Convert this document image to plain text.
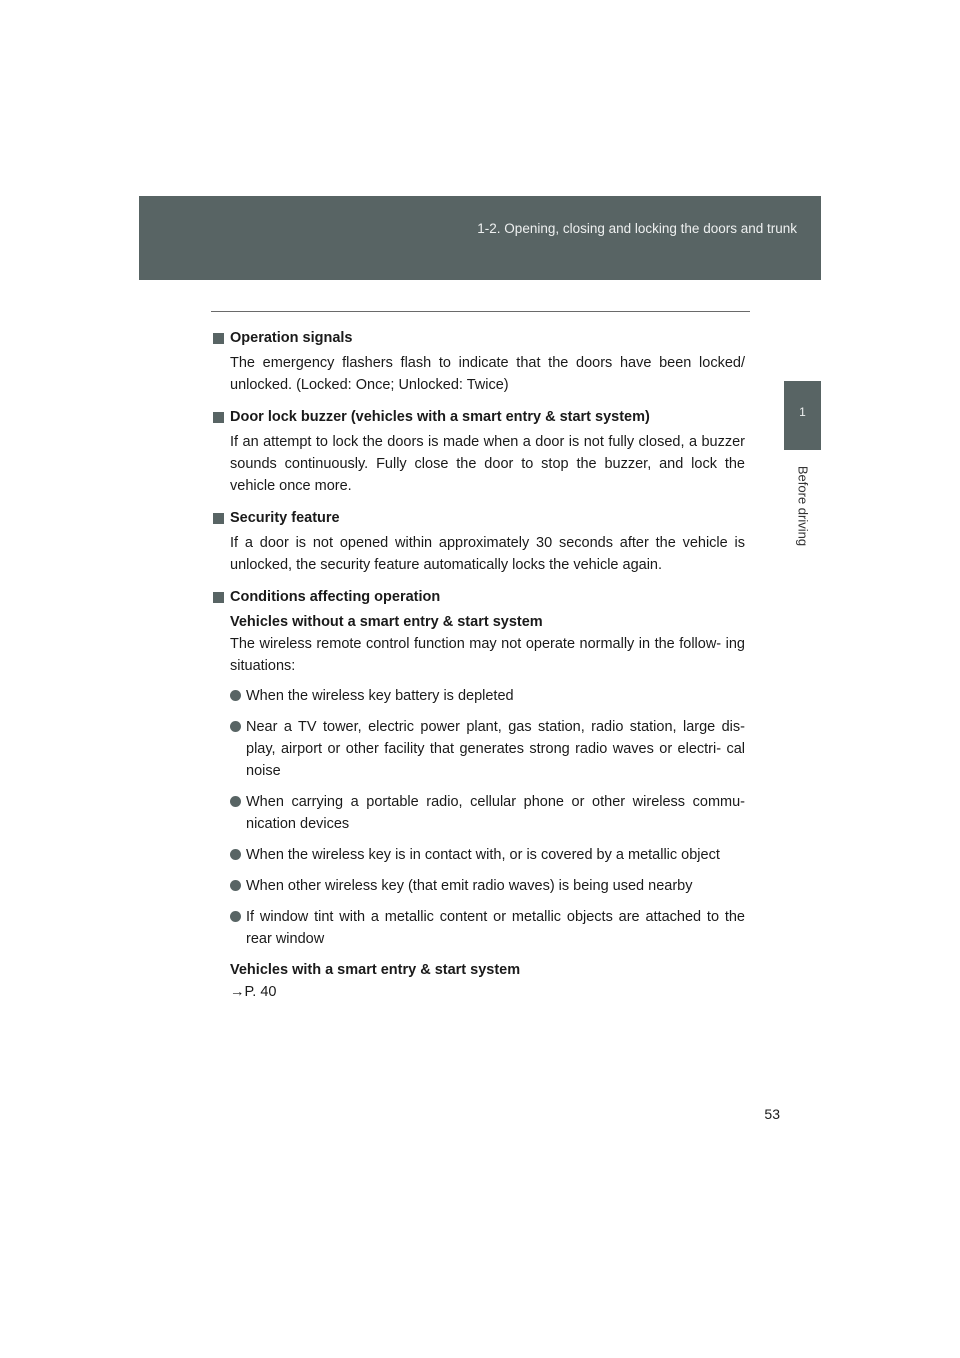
1-2. Opening, closing and locking the doors and trunk
1
Before driving
Operation signals

The emergency flashers flash to indicate that the doors have been locked/ unlocked. (Locked: Once; Unlocked: Twice)

Door lock buzzer (vehicles with a smart entry & start system)

If an attempt to lock the doors is made when a door is not fully closed, a buzzer sounds continuously. Fully close the door to stop the buzzer, and lock the vehicle once more.

Security feature

If a door is not opened within approximately 30 seconds after the vehicle is unlocked, the security feature automatically locks the vehicle again.

Conditions affecting operation
Vehicles without a smart entry & start system

The wireless remote control function may not operate normally in the follow- ing situations:

When the wireless key battery is depleted
Near a TV tower, electric power plant, gas station, radio station, large dis- play, airport or other facility that generates strong radio waves or electri- cal noise
When carrying a portable radio, cellular phone or other wireless commu- nication devices
When the wireless key is in contact with, or is covered by a metallic object
When other wireless key (that emit radio waves) is being used nearby
If window tint with a metallic content or metallic objects are attached to the rear window
Vehicles with a smart entry & start system
→P. 40
53
